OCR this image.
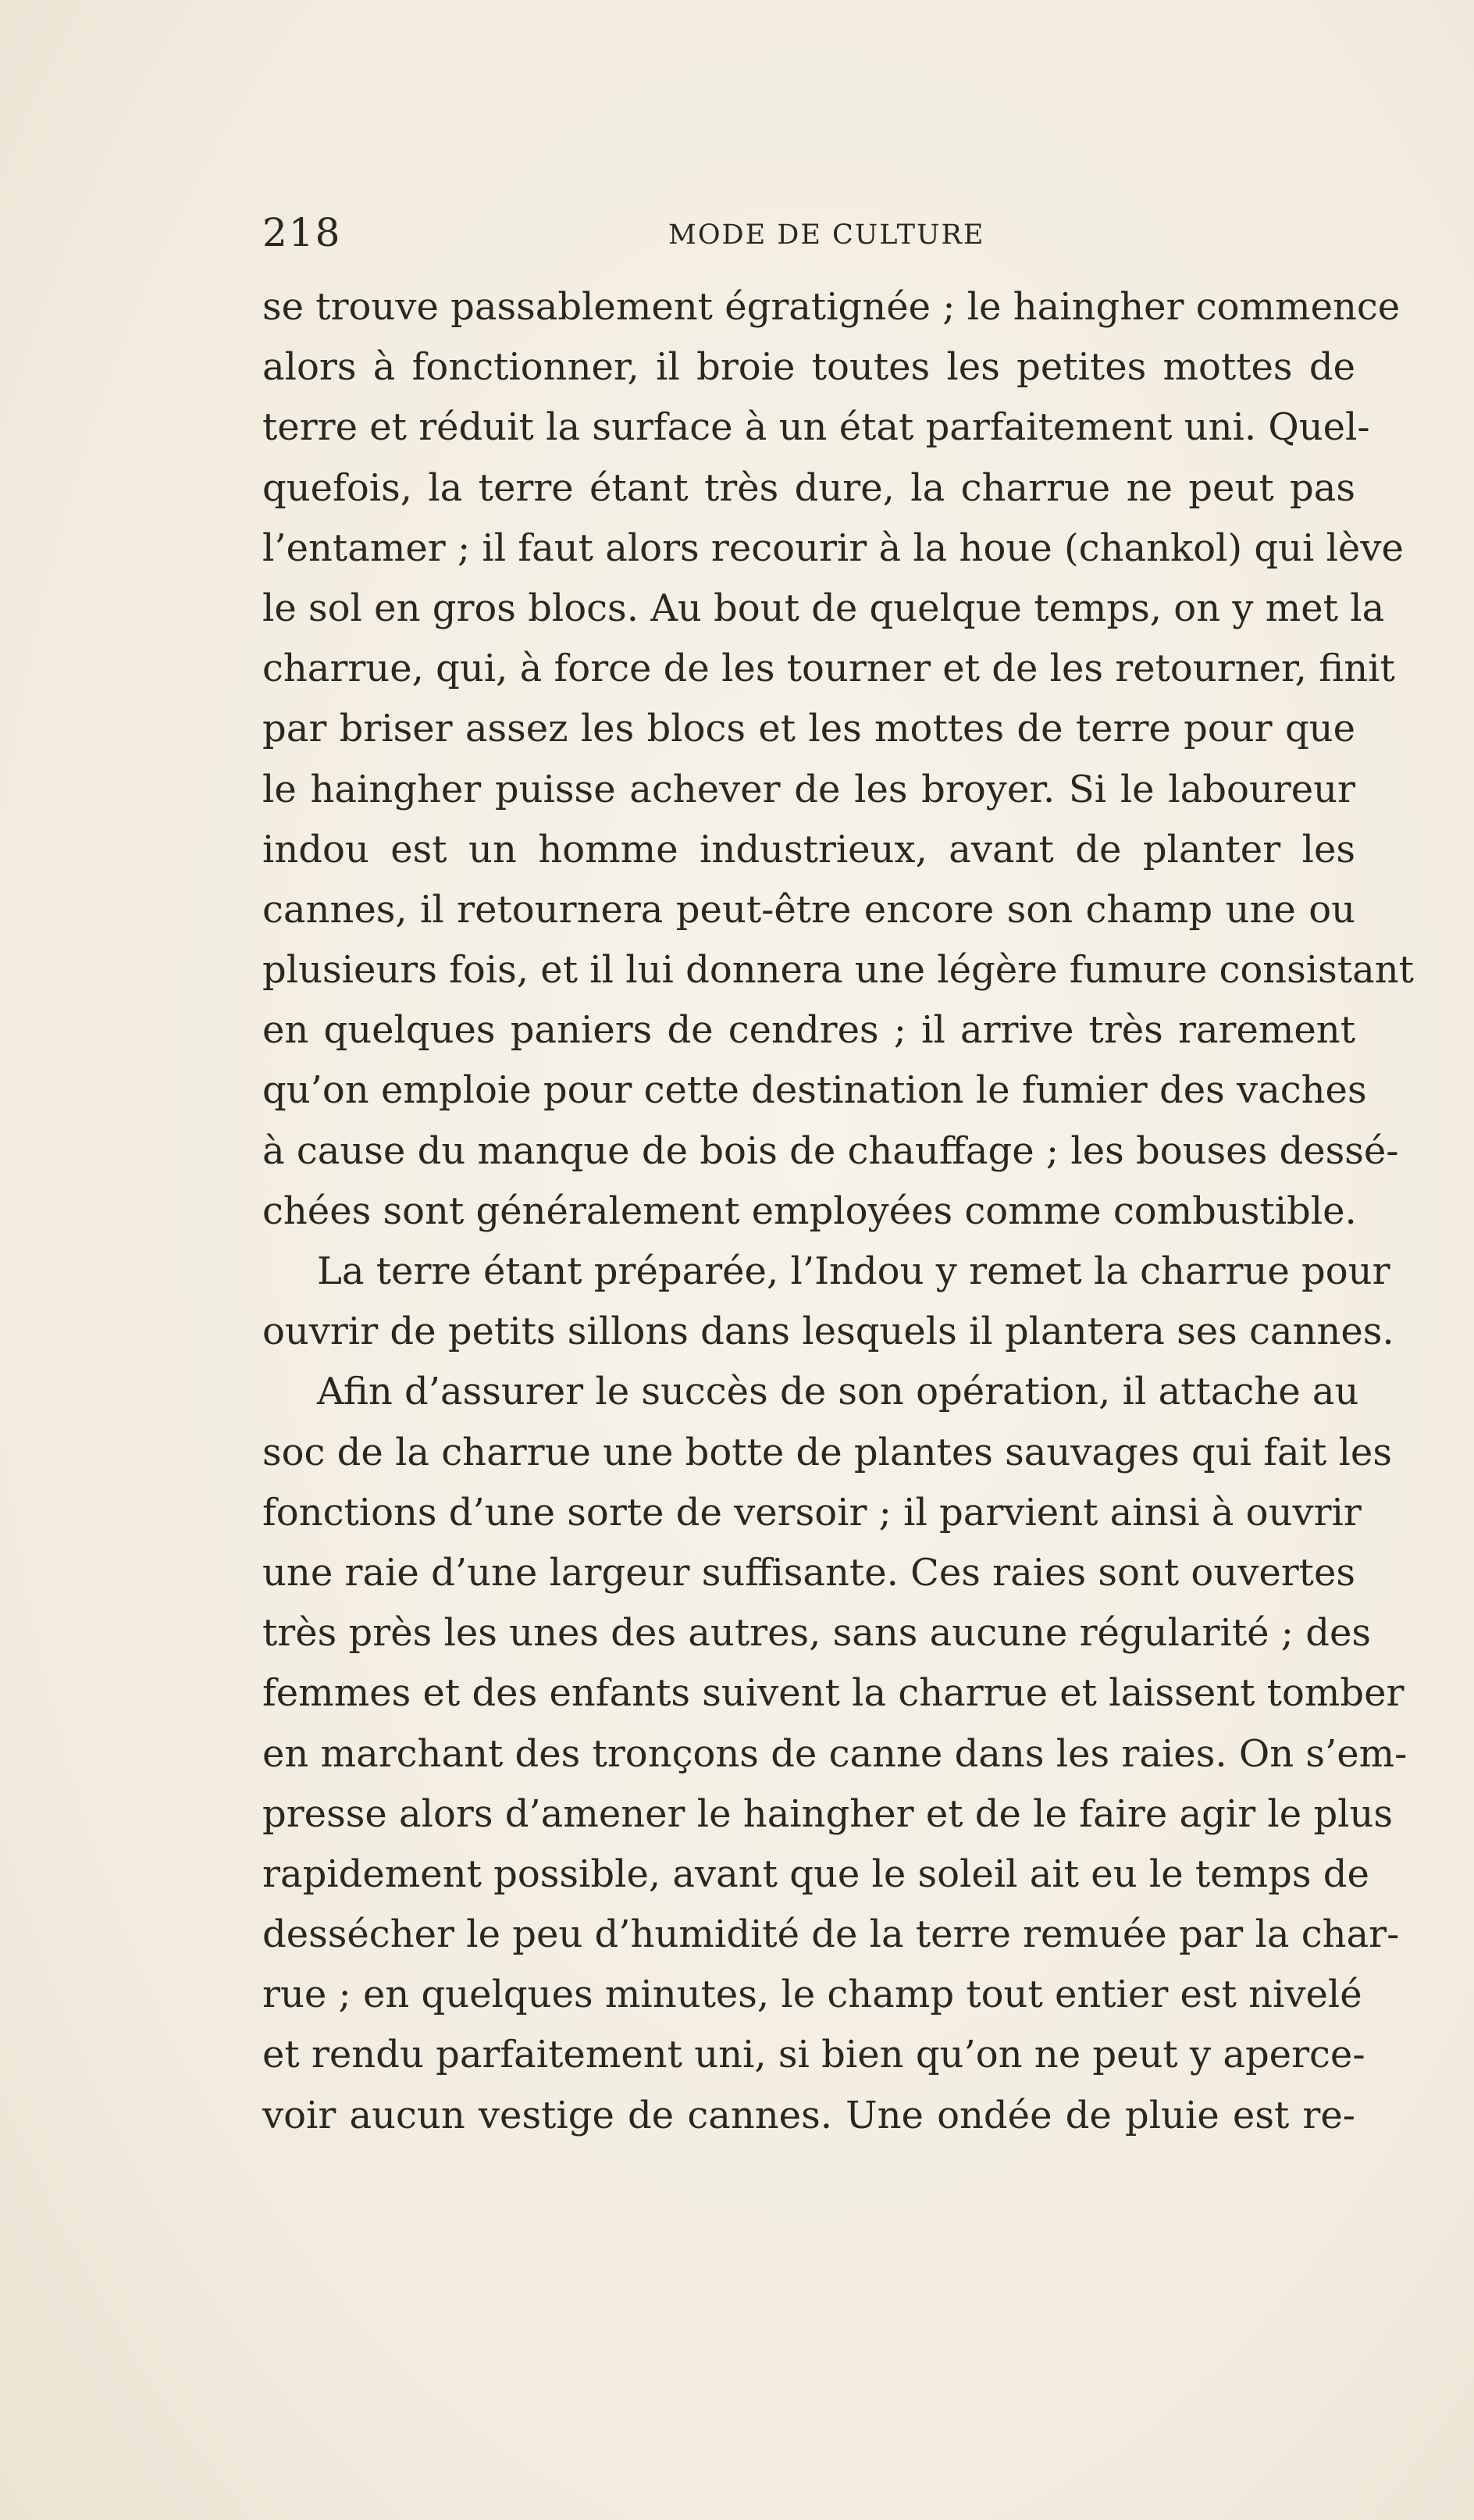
218	MODE DE CULTURE
se trouve passablement égratignée ; le haingher commence
alors à fonctionner, il broie toutes les petites mottes de
terre et réduit la surface à un état parfaitement uni. Quel-
quefois, la terre étant très dure, la charrue ne peut pas
l’entamer ; il faut alors recourir à la houe (chankol) qui lève
le sol en gros blocs. Au bout de quelque temps, on y met la
charrue, qui, à force de les tourner et de les retourner, finit
par briser assez les blocs et les mottes de terre pour que
le haingher puisse achever de les broyer. Si le laboureur
indou est un homme industrieux, avant de planter les
cannes, il retournera peut-être encore son champ une ou
plusieurs fois, et il lui donnera une légère fumure consistant
en quelques paniers de cendres ; il arrive très rarement
qu’on emploie pour cette destination le fumier des vaches
à cause du manque de bois de chauffage ; les bouses dessé-
chées sont généralement employées comme combustible.
La terre étant préparée, l’Indou y remet la charrue pour
ouvrir de petits sillons dans lesquels il plantera ses cannes.
Afin d’assurer le succès de son opération, il attache au
soc de la charrue une botte de plantes sauvages qui fait les
fonctions d’une sorte de versoir ; il parvient ainsi à ouvrir
une raie d’une largeur suffisante. Ces raies sont ouvertes
très près les unes des autres, sans aucune régularité ; des
femmes et des enfants suivent la charrue et laissent tomber
en marchant des tronçons de canne dans les raies. On s’em-
presse alors d’amener le haingher et de le faire agir le plus
rapidement possible, avant que le soleil ait eu le temps de
dessécher le peu d’humidité de la terre remuée par la char-
rue ; en quelques minutes, le champ tout entier est nivelé
et rendu parfaitement uni, si bien qu’on ne peut y aperce-
voir aucun vestige de cannes. Une ondée de pluie est re-
